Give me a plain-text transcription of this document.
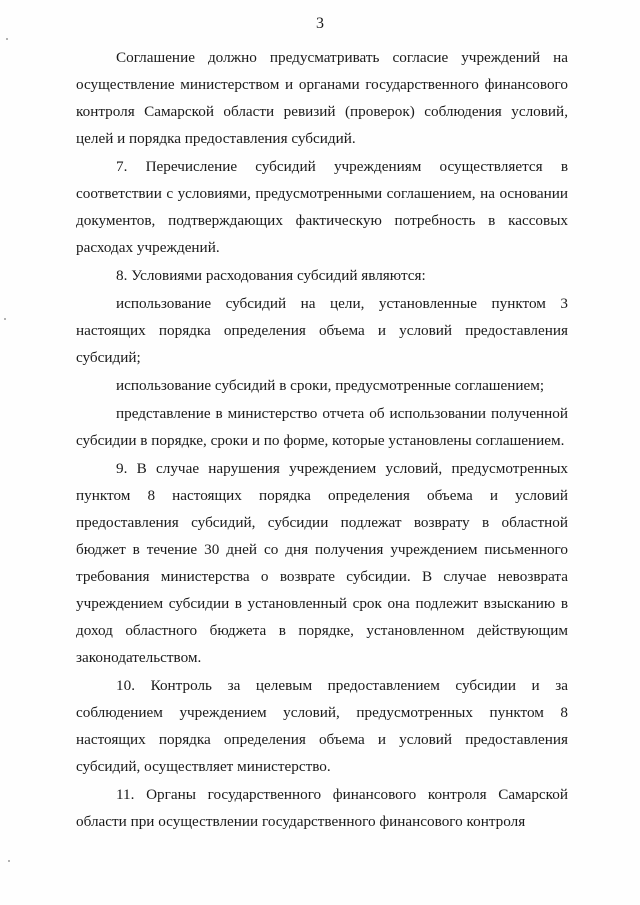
3

Соглашение должно предусматривать согласие учреждений на осуществление министерством и органами государственного финансового контроля Самарской области ревизий (проверок) соблюдения условий, целей и порядка предоставления субсидий.

7. Перечисление субсидий учреждениям осуществляется в соответствии с условиями, предусмотренными соглашением, на основании документов, подтверждающих фактическую потребность в кассовых расходах учреждений.

8. Условиями расходования субсидий являются:

использование субсидий на цели, установленные пунктом 3 настоящих порядка определения объема и условий предоставления субсидий;

использование субсидий в сроки, предусмотренные соглашением;

представление в министерство отчета об использовании полученной субсидии в порядке, сроки и по форме, которые установлены соглашением.

9. В случае нарушения учреждением условий, предусмотренных пунктом 8 настоящих порядка определения объема и условий предоставления субсидий, субсидии подлежат возврату в областной бюджет в течение 30 дней со дня получения учреждением письменного требования министерства о возврате субсидии. В случае невозврата учреждением субсидии в установленный срок она подлежит взысканию в доход областного бюджета в порядке, установленном действующим законодательством.

10. Контроль за целевым предоставлением субсидии и за соблюдением учреждением условий, предусмотренных пунктом 8 настоящих порядка определения объема и условий предоставления субсидий, осуществляет министерство.

11. Органы государственного финансового контроля Самарской области при осуществлении государственного финансового контроля
